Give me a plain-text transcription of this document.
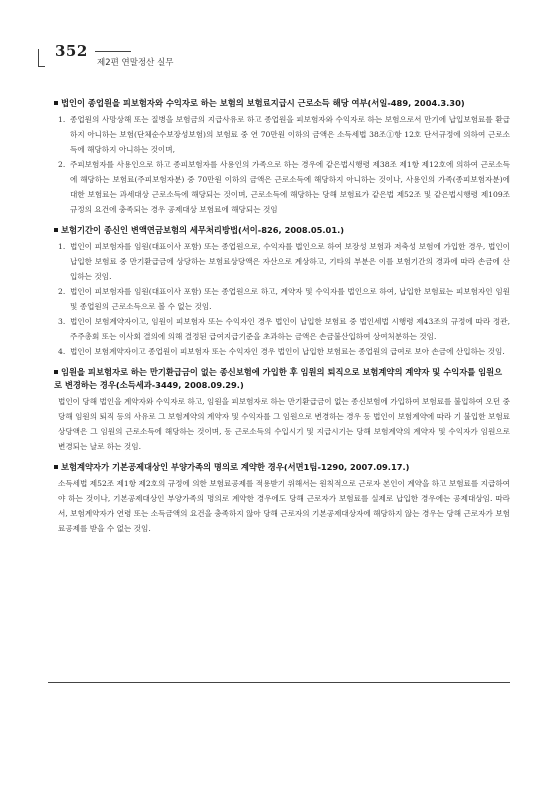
352
제2편 연말정산 실무
법인이 종업원을 피보험자와 수익자로 하는 보험의 보험료지급시 근로소득 해당 여부(서일-489, 2004.3.30)
1. 종업원의 사망상해 또는 질병을 보험금의 지급사유로 하고 종업원을 피보험자와 수익자로 하는 보험으로서 만기에 납입보험료를 환급하지 아니하는 보험(단체순수보장성보험)의 보험료 중 연 70만원 이하의 금액은 소득세법 38조①항 12호 단서규정에 의하여 근로소득에 해당하지 아니하는 것이며,
2. 주피보험자를 사용인으로 하고 종피보험자를 사용인의 가족으로 하는 경우에 같은법시행령 제38조 제1항 제12호에 의하여 근로소득에 해당하는 보험료(주피보험자분) 중 70만원 이하의 금액은 근로소득에 해당하지 아니하는 것이나, 사용인의 가족(종피보험자분)에 대한 보험료는 과세대상 근로소득에 해당되는 것이며, 근로소득에 해당하는 당해 보험료가 같은법 제52조 및 같은법시행령 제109조 규정의 요건에 충족되는 경우 공제대상 보험료에 해당되는 것임
보험기간이 종신인 변액연금보험의 세무처리방법(서이-826, 2008.05.01.)
1. 법인이 피보험자를 임원(대표이사 포함) 또는 종업원으로, 수익자를 법인으로 하여 보장성 보험과 저축성 보험에 가입한 경우, 법인이 납입한 보험료 중 만기환급금에 상당하는 보험료상당액은 자산으로 계상하고, 기타의 부분은 이를 보험기간의 경과에 따라 손금에 산입하는 것임.
2. 법인이 피보험자를 임원(대표이사 포함) 또는 종업원으로 하고, 계약자 및 수익자를 법인으로 하여, 납입한 보험료는 피보험자인 임원 및 종업원의 근로소득으로 볼 수 없는 것임.
3. 법인이 보험계약자이고, 임원이 피보험자 또는 수익자인 경우 법인이 납입한 보험료 중 법인세법 시행령 제43조의 규정에 따라 정관, 주주총회 또는 이사회 결의에 의해 결정된 급여지급기준을 초과하는 금액은 손금불산입하여 상여처분하는 것임.
4. 법인이 보험계약자이고 종업원이 피보험자 또는 수익자인 경우 법인이 납입한 보험료는 종업원의 급여로 보아 손금에 산입하는 것임.
임원을 피보험자로 하는 만기환급금이 없는 종신보험에 가입한 후 임원의 퇴직으로 보험계약의 계약자 및 수익자를 임원으로 변경하는 경우(소득세과-3449, 2008.09.29.)
법인이 당해 법인을 계약자와 수익자로 하고, 임원을 피보험자로 하는 만기환급금이 없는 종신보험에 가입하여 보험료를 불입하여 오던 중 당해 임원의 퇴직 등의 사유로 그 보험계약의 계약자 및 수익자를 그 임원으로 변경하는 경우 동 법인이 보험계약에 따라 기 불입한 보험료상당액은 그 임원의 근로소득에 해당하는 것이며, 동 근로소득의 수입시기 및 지급시기는 당해 보험계약의 계약자 및 수익자가 임원으로 변경되는 날로 하는 것임.
보험계약자가 기본공제대상인 부양가족의 명의로 계약한 경우(서면1팀-1290, 2007.09.17.)
소득세법 제52조 제1항 제2호의 규정에 의한 보험료공제를 적용받기 위해서는 원칙적으로 근로자 본인이 계약을 하고 보험료를 지급하여야 하는 것이나, 기본공제대상인 부양가족의 명의로 계약한 경우에도 당해 근로자가 보험료를 실제로 납입한 경우에는 공제대상임. 따라서, 보험계약자가 연령 또는 소득금액의 요건을 충족하지 않아 당해 근로자의 기본공제대상자에 해당하지 않는 경우는 당해 근로자가 보험료공제를 받을 수 없는 것임.
